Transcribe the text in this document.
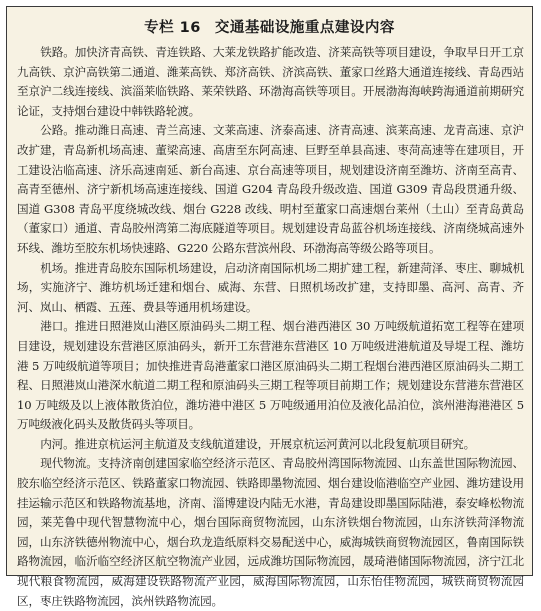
专栏 16 交通基础设施重点建设内容

铁路。加快济青高铁、青连铁路、大莱龙铁路扩能改造、济莱高铁等项目建设，争取早日开工京九高铁、京沪高铁第二通道、潍莱高铁、郑济高铁、济滨高铁、董家口丝路大通道连接线、青岛西站至京沪二线连接线、滨淄莱临铁路、莱荣铁路、环渤海高铁等项目。开展渤海海峡跨海通道前期研究论证，支持烟台建设中韩铁路轮渡。

公路。推动潍日高速、青兰高速、文莱高速、济泰高速、济青高速、滨莱高速、龙青高速、京沪改扩建，青岛新机场高速、董梁高速、高唐至东阿高速、巨野至单县高速、枣菏高速等在建项目，开工建设沾临高速、济乐高速南延、新台高速、京台高速等项目，规划建设济南至潍坊、济南至高青、高青至德州、济宁新机场高速连接线、国道 G204 青岛段升级改造、国道 G309 青岛段贯通升级、国道 G308 青岛平度绕城改线、烟台 G228 改线、明村至董家口高速烟台莱州（土山）至青岛黄岛（董家口）通道、青岛胶州湾第二海底隧道等项目。规划建设青岛蓝谷机场连接线、济南绕城高速外环线、潍坊至胶东机场快速路、G220 公路东营滨州段、环渤海高等级公路等项目。

机场。推进青岛胶东国际机场建设，启动济南国际机场二期扩建工程，新建菏泽、枣庄、聊城机场，实施济宁、潍坊机场迁建和烟台、威海、东营、日照机场改扩建，支持即墨、高河、高青、齐河、岚山、栖霞、五莲、费县等通用机场建设。

港口。推进日照港岚山港区原油码头二期工程、烟台港西港区 30 万吨级航道拓宽工程等在建项目建设，规划建设东营港区原油码头，新开工东营港东营港区 10 万吨级进港航道及导堤工程、潍坊港 5 万吨级航道等项目；加快推进青岛港董家口港区原油码头二期工程烟台港西港区原油码头二期工程、日照港岚山港深水航道二期工程和原油码头三期工程等项目前期工作；规划建设东营港东营港区 10 万吨级及以上液体散货泊位，潍坊港中港区 5 万吨级通用泊位及液化品泊位，滨州港海港港区 5 万吨级液化码头及散货码头等项目。

内河。推进京杭运河主航道及支线航道建设，开展京杭运河黄河以北段复航项目研究。

现代物流。支持济南创建国家临空经济示范区、青岛胶州湾国际物流园、山东盖世国际物流园、胶东临空经济示范区、铁路董家口物流园、铁路即墨物流园、烟台建设临港临空产业园、潍坊建设用挂运输示范区和铁路物流基地，济南、淄博建设内陆无水港，青岛建设即墨国际陆港，泰安峰松物流园，莱芜鲁中现代智慧物流中心，烟台国际商贸物流园，山东济铁烟台物流园，山东济铁菏泽物流园，山东济铁德州物流中心，烟台玖龙造纸原料交易配送中心，威海城铁商贸物流园区，鲁南国际铁路物流园，临沂临空经济区航空物流产业园，远成潍坊国际物流园，晟琦港储国际物流园，济宁江北现代粮食物流园，威海建设铁路物流产业园，威海国际物流园，山东怡佳物流园，城铁商贸物流园区，枣庄铁路物流园，滨州铁路物流园。
